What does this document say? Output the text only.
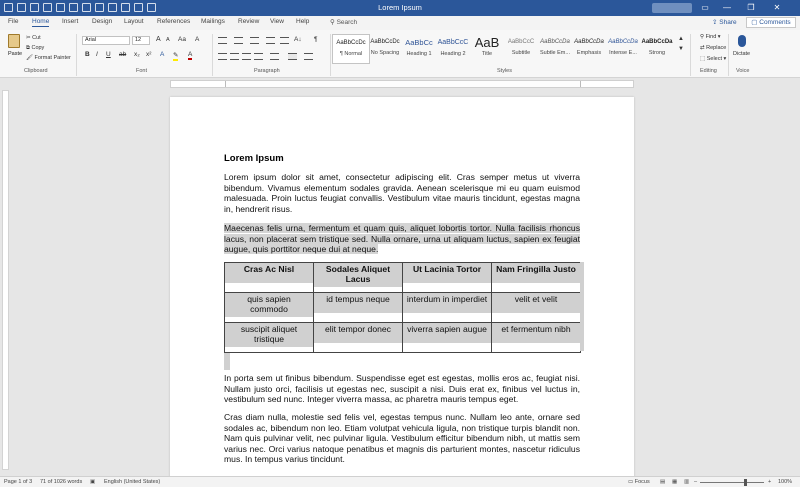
Lorem Ipsum	▭ — ❐ ✕
File Home Insert Design Layout References Mailings Review View Help	⚲ Search	⇪ Share	▢ Comments
Paste
✂ Cut
⧉ Copy
🖌 Format Painter
Clipboard
Arial	12	A A Aa A
B I U ab x₂ x² A ✎ A
Font
A↓ ¶
Paragraph
AaBbCcDc
¶ Normal
AaBbCcDc
No Spacing
AaBbCc
Heading 1
AaBbCcC
Heading 2
AaB
Title
AaBbCcC
Subtitle
AaBbCcDa
Subtle Em...
AaBbCcDa
Emphasis
AaBbCcDa
Intense E...
AaBbCcDa
Strong
▲
▼
Styles
⚲ Find ▾
⇄ Replace
⬚ Select ▾
Editing
Dictate
Voice
Lorem Ipsum
Lorem ipsum dolor sit amet, consectetur adipiscing elit. Cras semper metus ut viverra bibendum. Vivamus elementum sodales gravida. Aenean scelerisque mi eu quam euismod malesuada. Proin luctus feugiat convallis. Vestibulum vitae mauris tincidunt, egestas magna in, hendrerit risus.
Maecenas felis urna, fermentum et quam quis, aliquet lobortis tortor. Nulla facilisis rhoncus lacus, non placerat sem tristique sed. Nulla ornare, urna ut aliquam luctus, sapien ex feugiat augue, quis porttitor neque dui at neque.
Cras Ac Nisl	Sodales Aliquet Lacus	Ut Lacinia Tortor	Nam Fringilla Justo

quis sapien commodo	id tempus neque	interdum in imperdiet	velit et velit

suscipit aliquet tristique	elit tempor donec	viverra sapien augue	et fermentum nibh
In porta sem ut finibus bibendum. Suspendisse eget est egestas, mollis eros ac, feugiat nisi. Nullam justo orci, facilisis ut egestas nec, suscipit a nisi. Duis erat ex, finibus vel luctus in, vestibulum sed nunc. Integer viverra massa, ac pharetra mauris tempus eget.
Cras diam nulla, molestie sed felis vel, egestas tempus nunc. Nullam leo ante, ornare sed sodales ac, bibendum non leo. Etiam volutpat vehicula ligula, non tristique turpis blandit non. Nam quis pulvinar velit, nec pulvinar ligula. Vestibulum efficitur bibendum nibh, ut mattis sem varius nec. Orci varius natoque penatibus et magnis dis parturient montes, nascetur ridiculus mus. In tempus varius tincidunt.
Page 1 of 3 71 of 1026 words ▣ English (United States)	▭ Focus ▤ ▦ ▥ –	+ 100%
